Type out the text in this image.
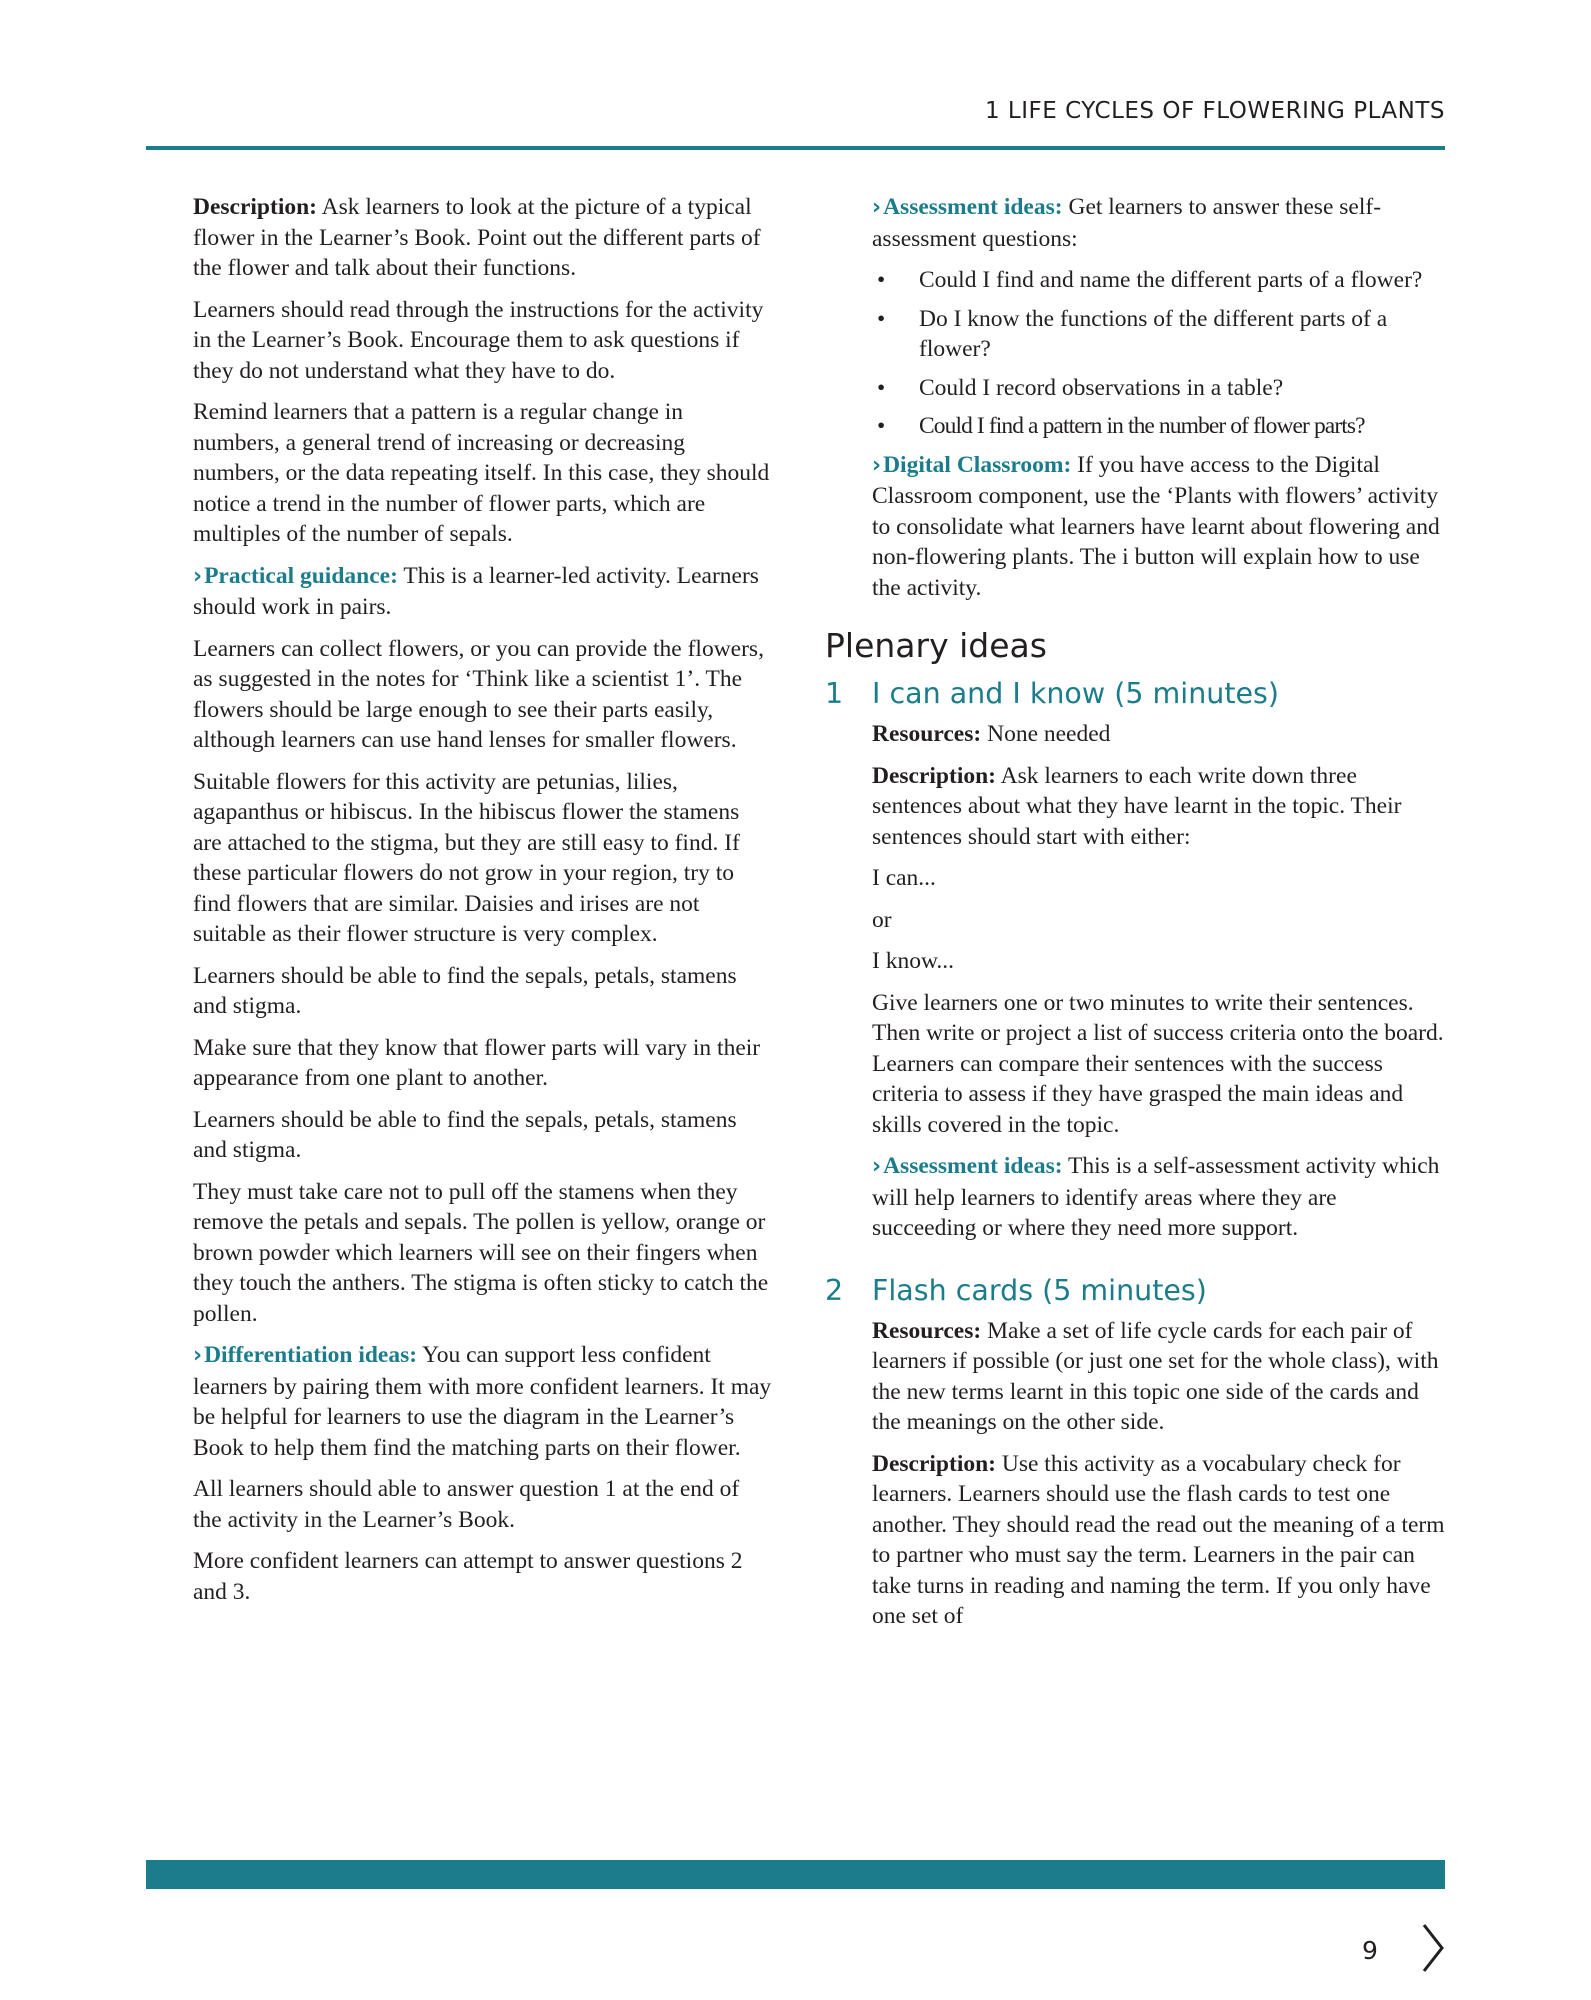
1 LIFE CYCLES OF FLOWERING PLANTS

Description: Ask learners to look at the picture of a typical flower in the Learner’s Book. Point out the different parts of the flower and talk about their functions.

Learners should read through the instructions for the activity in the Learner’s Book. Encourage them to ask questions if they do not understand what they have to do.

Remind learners that a pattern is a regular change in numbers, a general trend of increasing or decreasing numbers, or the data repeating itself. In this case, they should notice a trend in the number of flower parts, which are multiples of the number of sepals.

›Practical guidance: This is a learner-led activity. Learners should work in pairs.

Learners can collect flowers, or you can provide the flowers, as suggested in the notes for ‘Think like a scientist 1’. The flowers should be large enough to see their parts easily, although learners can use hand lenses for smaller flowers.

Suitable flowers for this activity are petunias, lilies, agapanthus or hibiscus. In the hibiscus flower the stamens are attached to the stigma, but they are still easy to find. If these particular flowers do not grow in your region, try to find flowers that are similar. Daisies and irises are not suitable as their flower structure is very complex.

Learners should be able to find the sepals, petals, stamens and stigma.

Make sure that they know that flower parts will vary in their appearance from one plant to another.

Learners should be able to find the sepals, petals, stamens and stigma.

They must take care not to pull off the stamens when they remove the petals and sepals. The pollen is yellow, orange or brown powder which learners will see on their fingers when they touch the anthers. The stigma is often sticky to catch the pollen.

›Differentiation ideas: You can support less confident learners by pairing them with more confident learners. It may be helpful for learners to use the diagram in the Learner’s Book to help them find the matching parts on their flower.

All learners should able to answer question 1 at the end of the activity in the Learner’s Book.

More confident learners can attempt to answer questions 2 and 3.

›Assessment ideas: Get learners to answer these self-assessment questions:

• Could I find and name the different parts of a flower?
• Do I know the functions of the different parts of a flower?
• Could I record observations in a table?
• Could I find a pattern in the number of flower parts?

›Digital Classroom: If you have access to the Digital Classroom component, use the ‘Plants with flowers’ activity to consolidate what learners have learnt about flowering and non-flowering plants. The i button will explain how to use the activity.

Plenary ideas
1 I can and I know (5 minutes)

Resources: None needed

Description: Ask learners to each write down three sentences about what they have learnt in the topic. Their sentences should start with either:

I can...

or

I know...

Give learners one or two minutes to write their sentences. Then write or project a list of success criteria onto the board. Learners can compare their sentences with the success criteria to assess if they have grasped the main ideas and skills covered in the topic.

›Assessment ideas: This is a self-assessment activity which will help learners to identify areas where they are succeeding or where they need more support.

2 Flash cards (5 minutes)

Resources: Make a set of life cycle cards for each pair of learners if possible (or just one set for the whole class), with the new terms learnt in this topic one side of the cards and the meanings on the other side.

Description: Use this activity as a vocabulary check for learners. Learners should use the flash cards to test one another. They should read the read out the meaning of a term to partner who must say the term. Learners in the pair can take turns in reading and naming the term. If you only have one set of

9
